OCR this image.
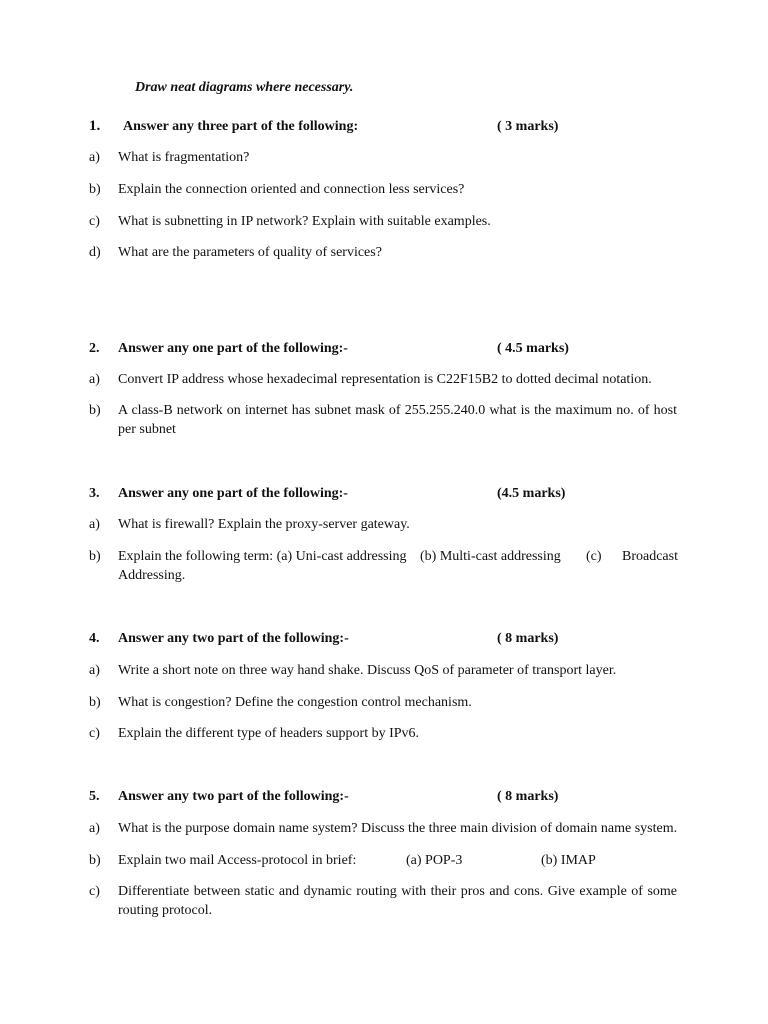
Draw neat diagrams where necessary.
1. Answer any three part of the following:	( 3 marks)
a) What is fragmentation?
b) Explain the connection oriented and connection less services?
c) What is subnetting in IP network? Explain with suitable examples.
d) What are the parameters of quality of services?
2. Answer any one part of the following:-	( 4.5 marks)
a) Convert IP address whose hexadecimal representation is C22F15B2 to dotted decimal notation.
b) A class-B network on internet has subnet mask of 255.255.240.0 what is the maximum no. of host
per subnet
3. Answer any one part of the following:-	(4.5 marks)
a) What is firewall? Explain the proxy-server gateway.
b) Explain the following term: (a) Uni-cast addressing (b) Multi-cast addressing (c) Broadcast
Addressing.
4. Answer any two part of the following:-	( 8 marks)
a) Write a short note on three way hand shake. Discuss QoS of parameter of transport layer.
b) What is congestion? Define the congestion control mechanism.
c) Explain the different type of headers support by IPv6.
5. Answer any two part of the following:-	( 8 marks)
a) What is the purpose domain name system? Discuss the three main division of domain name system.
b) Explain two mail Access-protocol in brief:	(a) POP-3	(b) IMAP
c) Differentiate between static and dynamic routing with their pros and cons. Give example of some
routing protocol.
